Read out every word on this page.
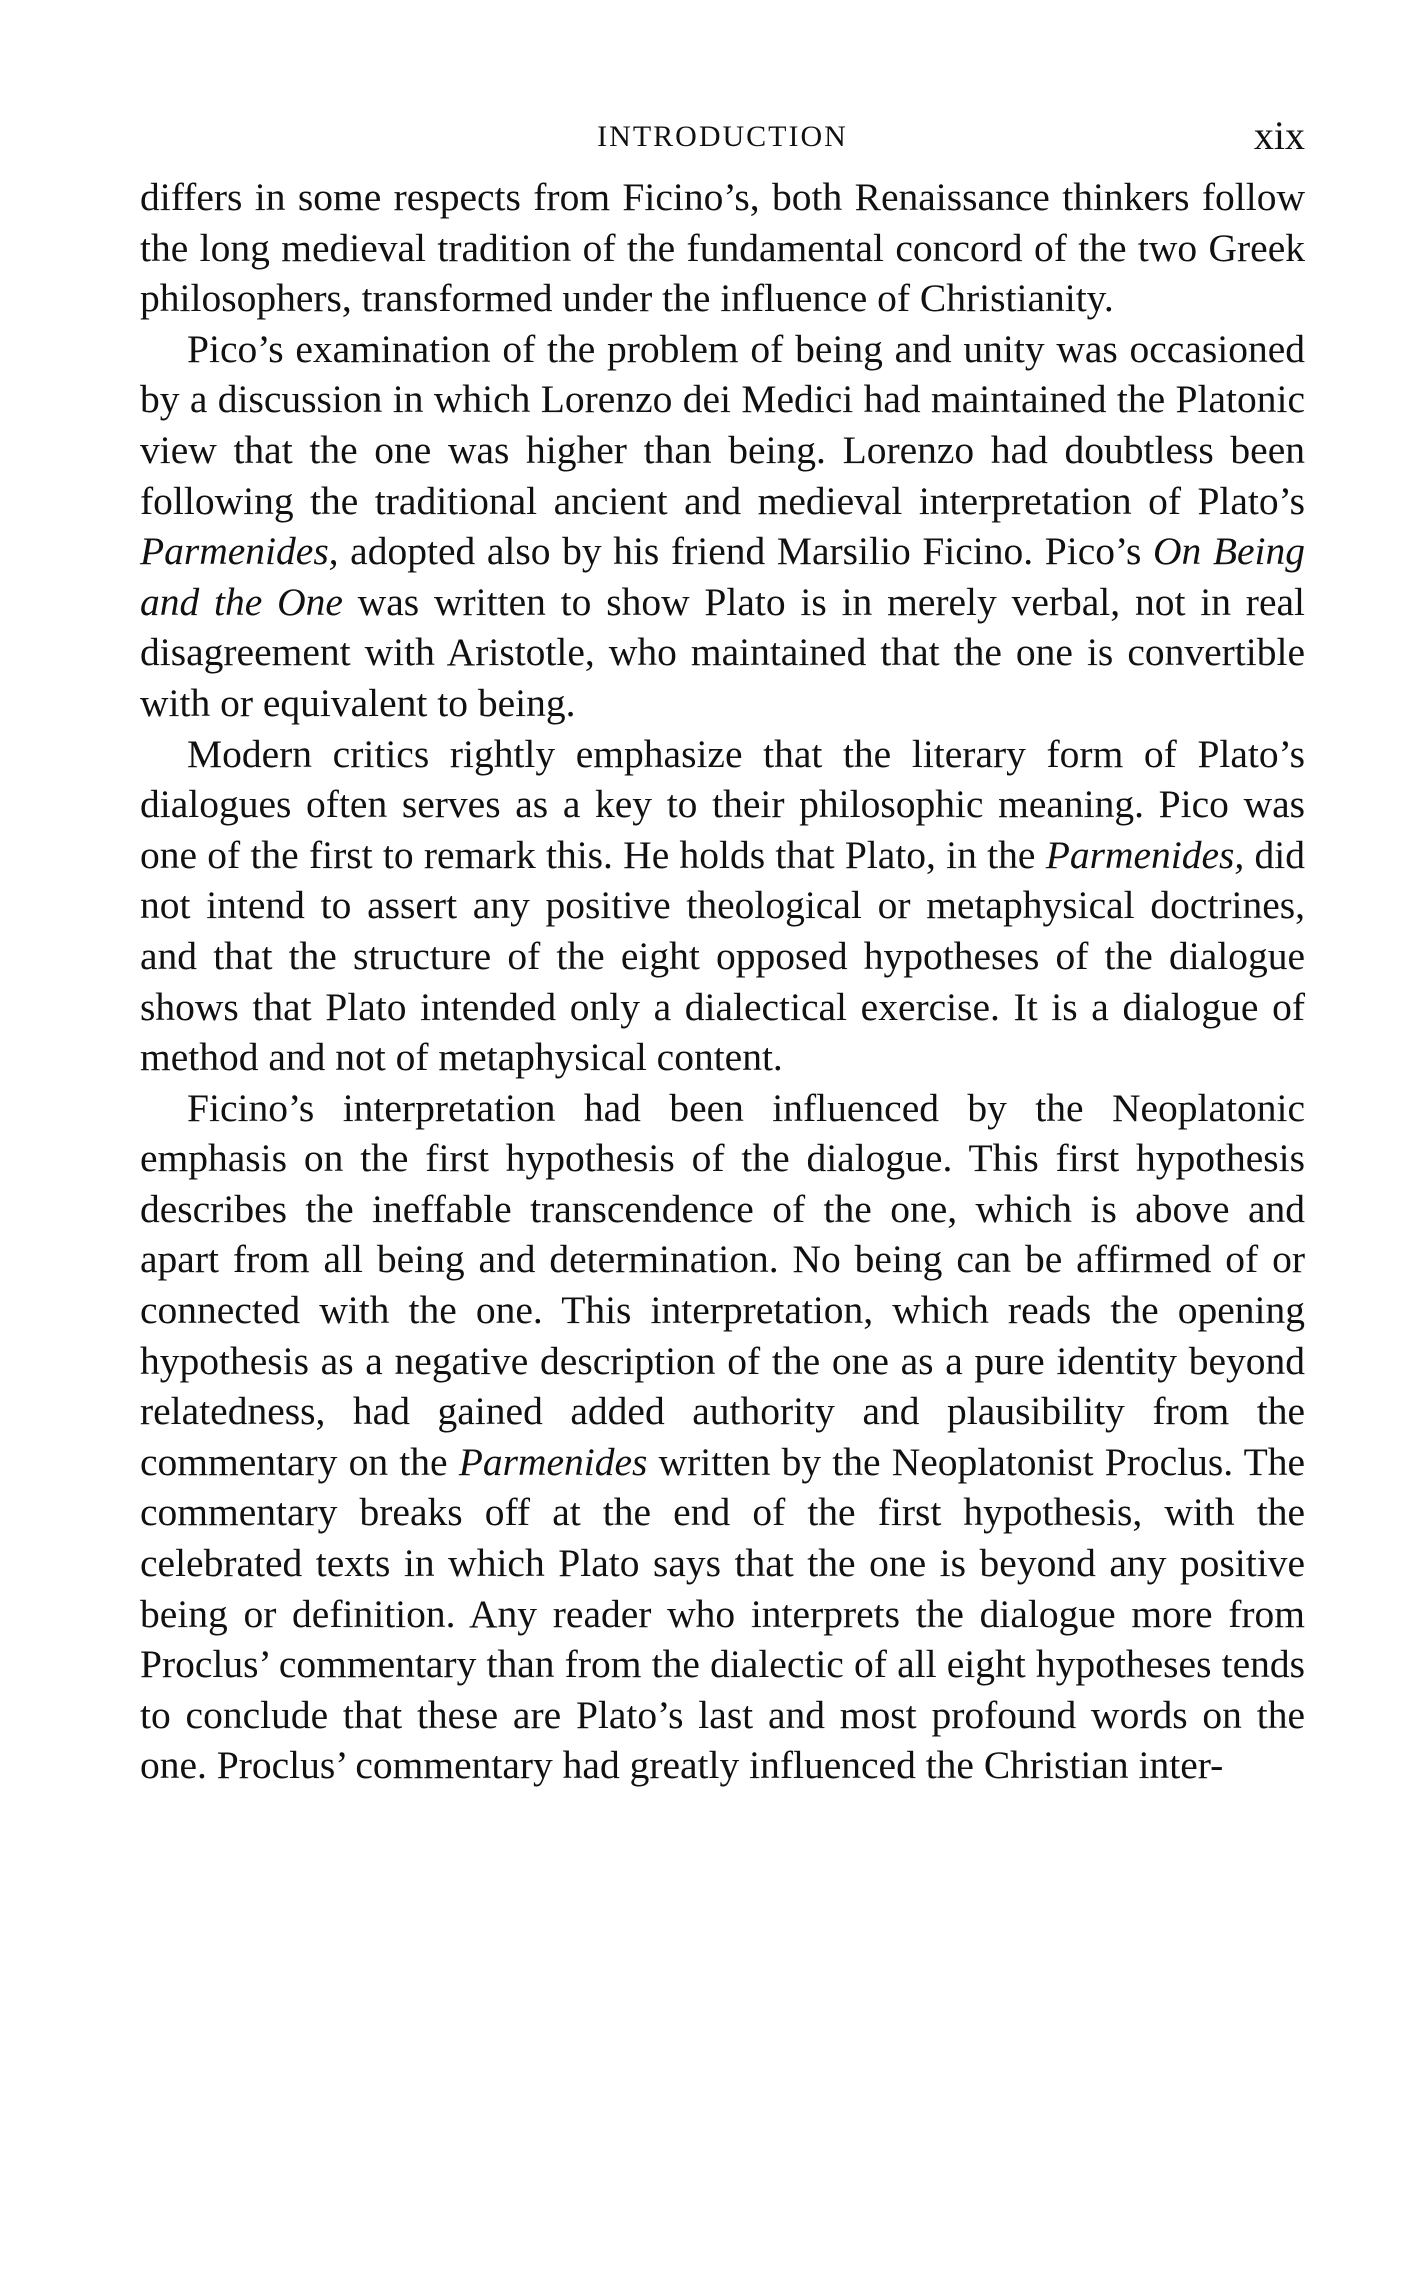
INTRODUCTION	xix

differs in some respects from Ficino’s, both Renaissance thinkers follow the long medieval tradition of the fundamental concord of the two Greek philosophers, transformed under the influence of Christianity.

Pico’s examination of the problem of being and unity was occasioned by a discussion in which Lorenzo dei Medici had maintained the Platonic view that the one was higher than being. Lorenzo had doubtless been following the traditional ancient and medieval interpretation of Plato’s Parmenides, adopted also by his friend Marsilio Ficino. Pico’s On Being and the One was written to show Plato is in merely verbal, not in real disagreement with Aristotle, who maintained that the one is convertible with or equivalent to being.

Modern critics rightly emphasize that the literary form of Plato’s dialogues often serves as a key to their philosophic meaning. Pico was one of the first to remark this. He holds that Plato, in the Parmenides, did not intend to assert any positive theological or metaphysical doctrines, and that the structure of the eight opposed hypotheses of the dialogue shows that Plato intended only a dialectical exercise. It is a dialogue of method and not of metaphysical content.

Ficino’s interpretation had been influenced by the Neoplatonic emphasis on the first hypothesis of the dialogue. This first hypothesis describes the ineffable transcendence of the one, which is above and apart from all being and determination. No being can be affirmed of or connected with the one. This interpretation, which reads the opening hypothesis as a negative description of the one as a pure identity beyond relatedness, had gained added authority and plausibility from the commentary on the Parmenides written by the Neoplatonist Proclus. The commentary breaks off at the end of the first hypothesis, with the celebrated texts in which Plato says that the one is beyond any positive being or definition. Any reader who interprets the dialogue more from Proclus’ commentary than from the dialectic of all eight hypotheses tends to conclude that these are Plato’s last and most profound words on the one. Proclus’ commentary had greatly influenced the Christian inter-
